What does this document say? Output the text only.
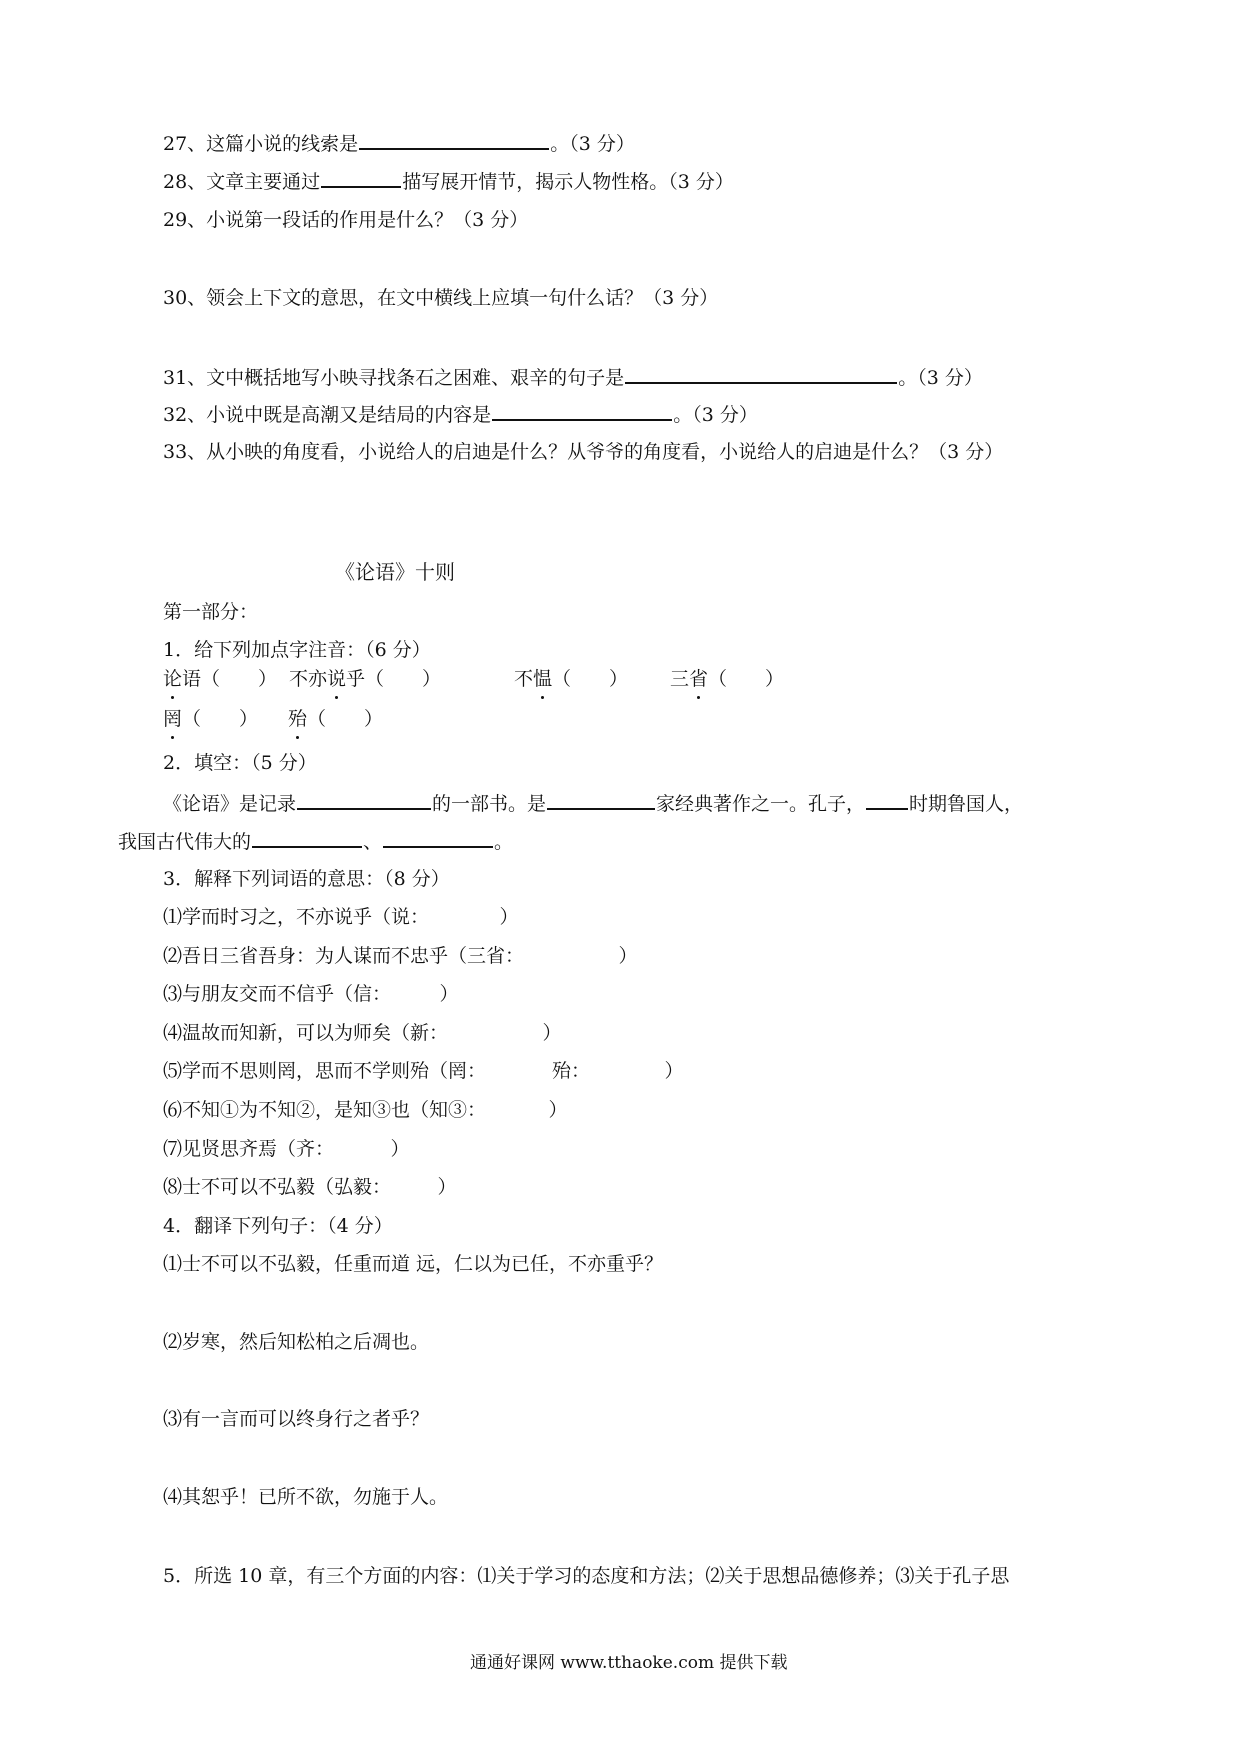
27、这篇小说的线索是	。（3 分）
28、文章主要通过	描写展开情节，揭示人物性格。（3 分）
29、小说第一段话的作用是什么？（3 分）
30、领会上下文的意思，在文中横线上应填一句什么话？（3 分）
31、文中概括地写小映寻找条石之困难、艰辛的句子是	。（3 分）
32、小说中既是高潮又是结局的内容是	。（3 分）
33、从小映的角度看，小说给人的启迪是什么？从爷爷的角度看，小说给人的启迪是什么？（3 分）
《论语》十则
第一部分：
1．给下列加点字注音：（6 分）
论语（　　） 不亦说乎（　　）	不愠（　　） 三省（　　）
罔（　　） 殆（　　）
2．填空：（5 分）
《论语》是记录	的一部书。是	家经典著作之一。孔子， 时期鲁国人，
我国古代伟大的	、	。
3．解释下列词语的意思：（8 分）
⑴学而时习之，不亦说乎（说：	）
⑵吾日三省吾身：为人谋而不忠乎（三省：	）
⑶与朋友交而不信乎（信：	）
⑷温故而知新，可以为师矣（新：	）
⑸学而不思则罔，思而不学则殆（罔：	殆：	）
⑹不知①为不知②，是知③也（知③：	）
⑺见贤思齐焉（齐：	）
⑻士不可以不弘毅（弘毅：	）
4．翻译下列句子：（4 分）
⑴士不可以不弘毅，任重而道 远，仁以为已任，不亦重乎？
⑵岁寒，然后知松柏之后凋也。
⑶有一言而可以终身行之者乎？
⑷其恕乎！已所不欲，勿施于人。
5．所选 10 章，有三个方面的内容：⑴关于学习的态度和方法；⑵关于思想品德修养；⑶关于孔子思
通通好课网 www.tthaoke.com 提供下载
